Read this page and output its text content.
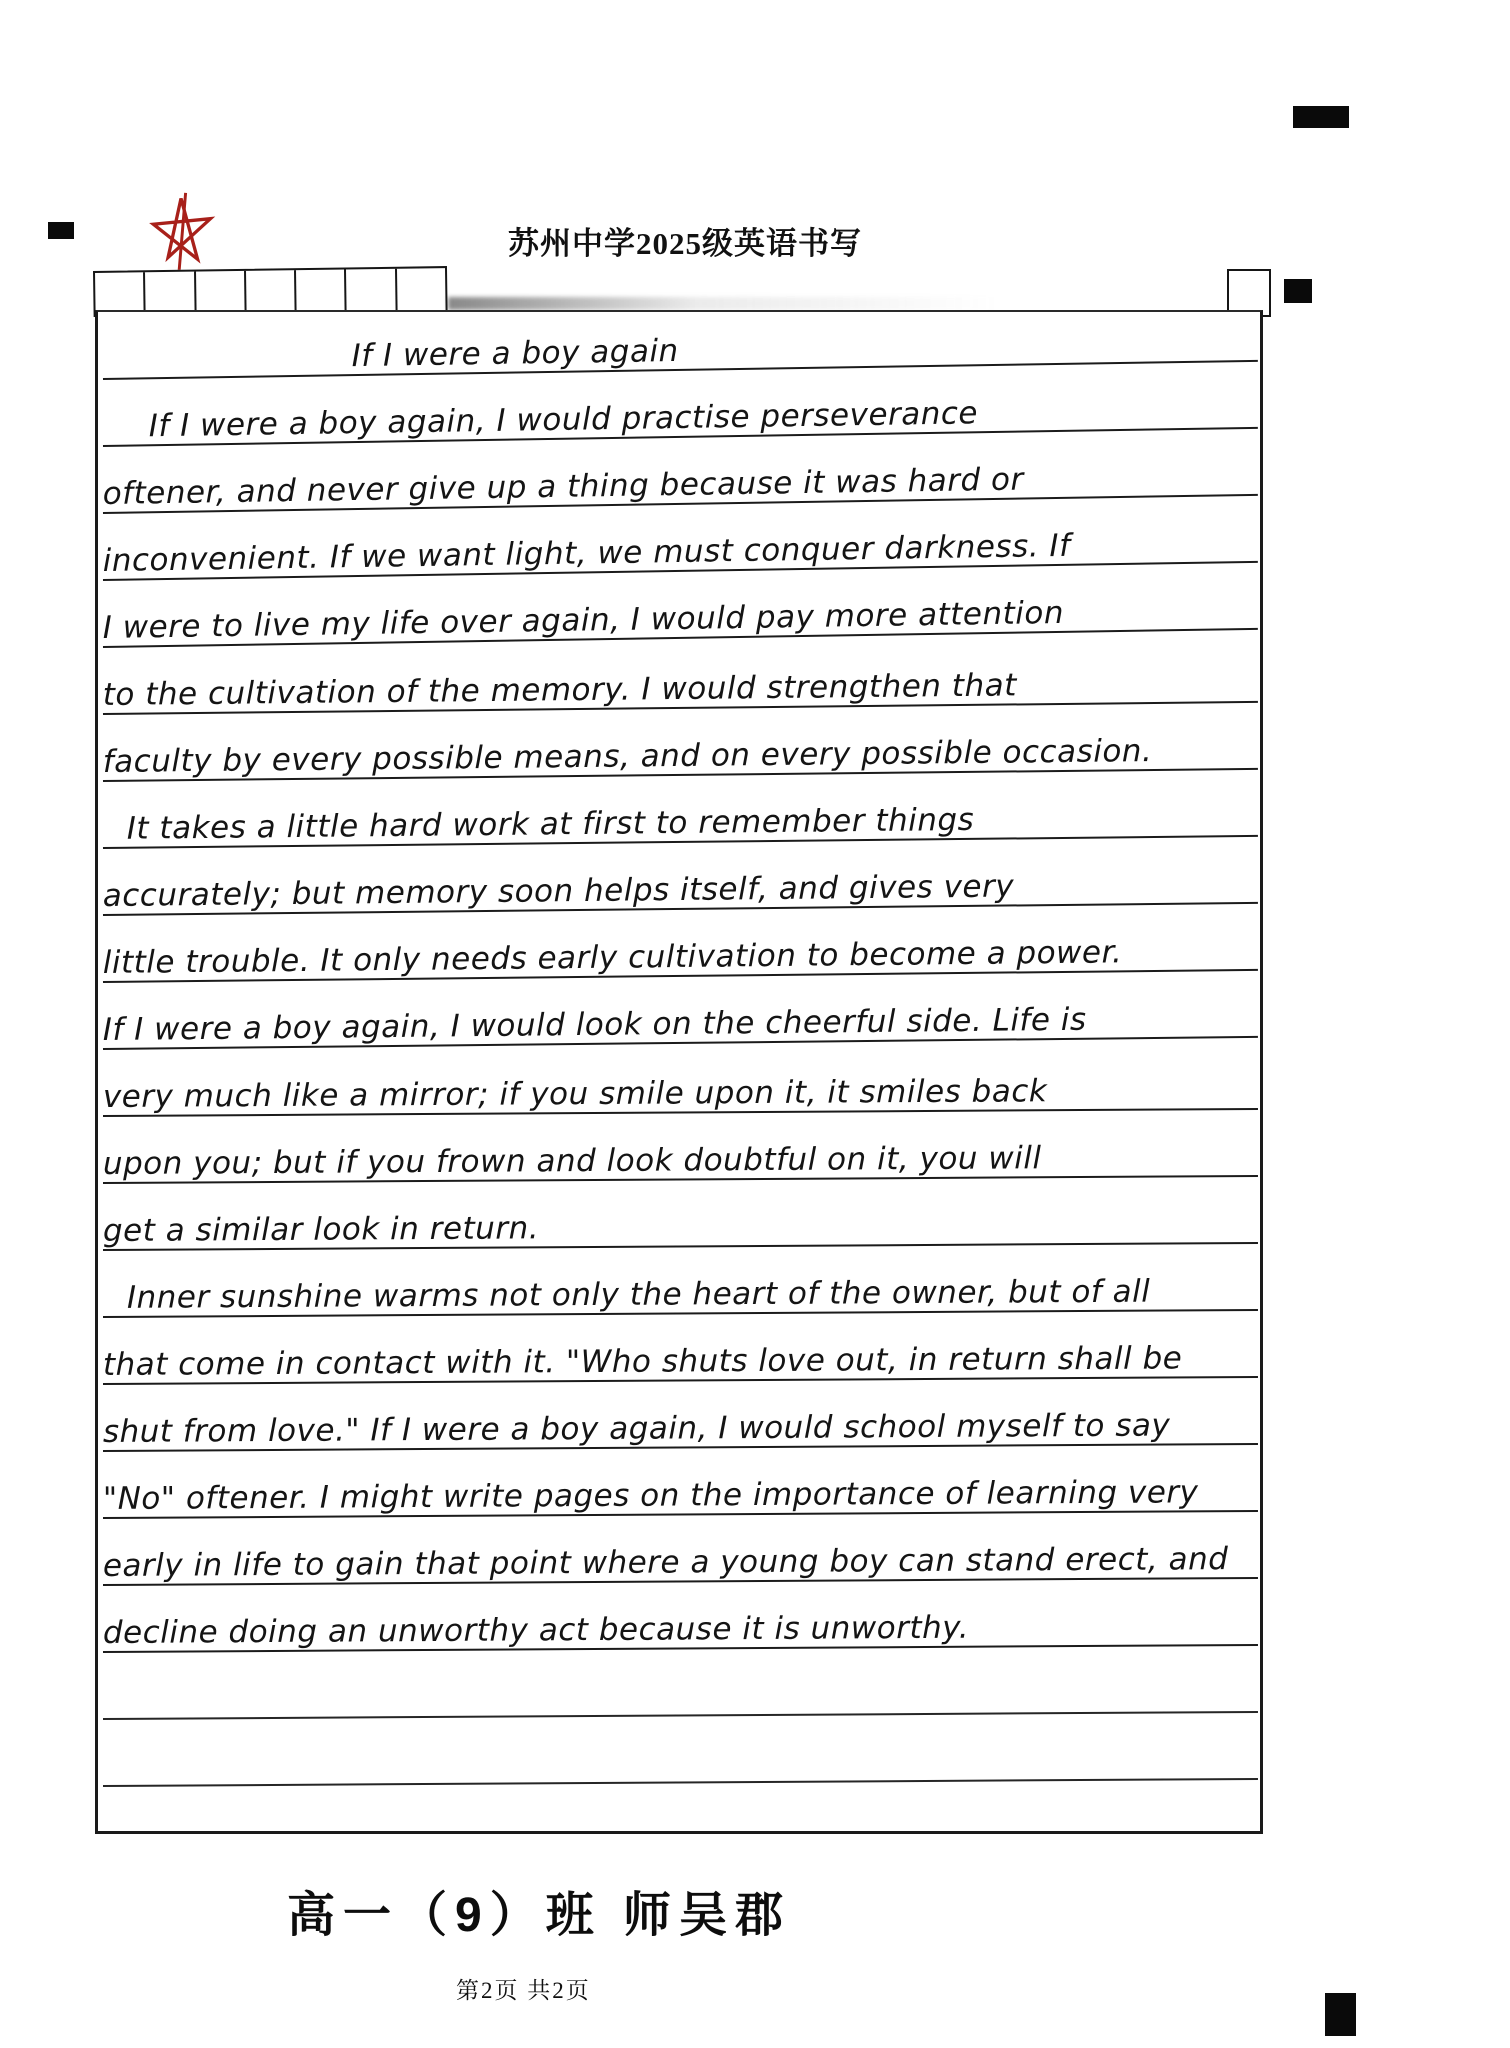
苏州中学2025级英语书写
If I were a boy again
If I were a boy again, I would practise perseverance
oftener, and never give up a thing because it was hard or
inconvenient. If we want light, we must conquer darkness. If
I were to live my life over again, I would pay more attention
to the cultivation of the memory. I would strengthen that
faculty by every possible means, and on every possible occasion.
It takes a little hard work at first to remember things
accurately; but memory soon helps itself, and gives very
little trouble. It only needs early cultivation to become a power.
If I were a boy again, I would look on the cheerful side. Life is
very much like a mirror; if you smile upon it, it smiles back
upon you; but if you frown and look doubtful on it, you will
get a similar look in return.
Inner sunshine warms not only the heart of the owner, but of all
that come in contact with it. "Who shuts love out, in return shall be
shut from love." If I were a boy again, I would school myself to say
"No" oftener. I might write pages on the importance of learning very
early in life to gain that point where a young boy can stand erect, and
decline doing an unworthy act because it is unworthy.
高一（9）班 师吴郡
第2页 共2页
